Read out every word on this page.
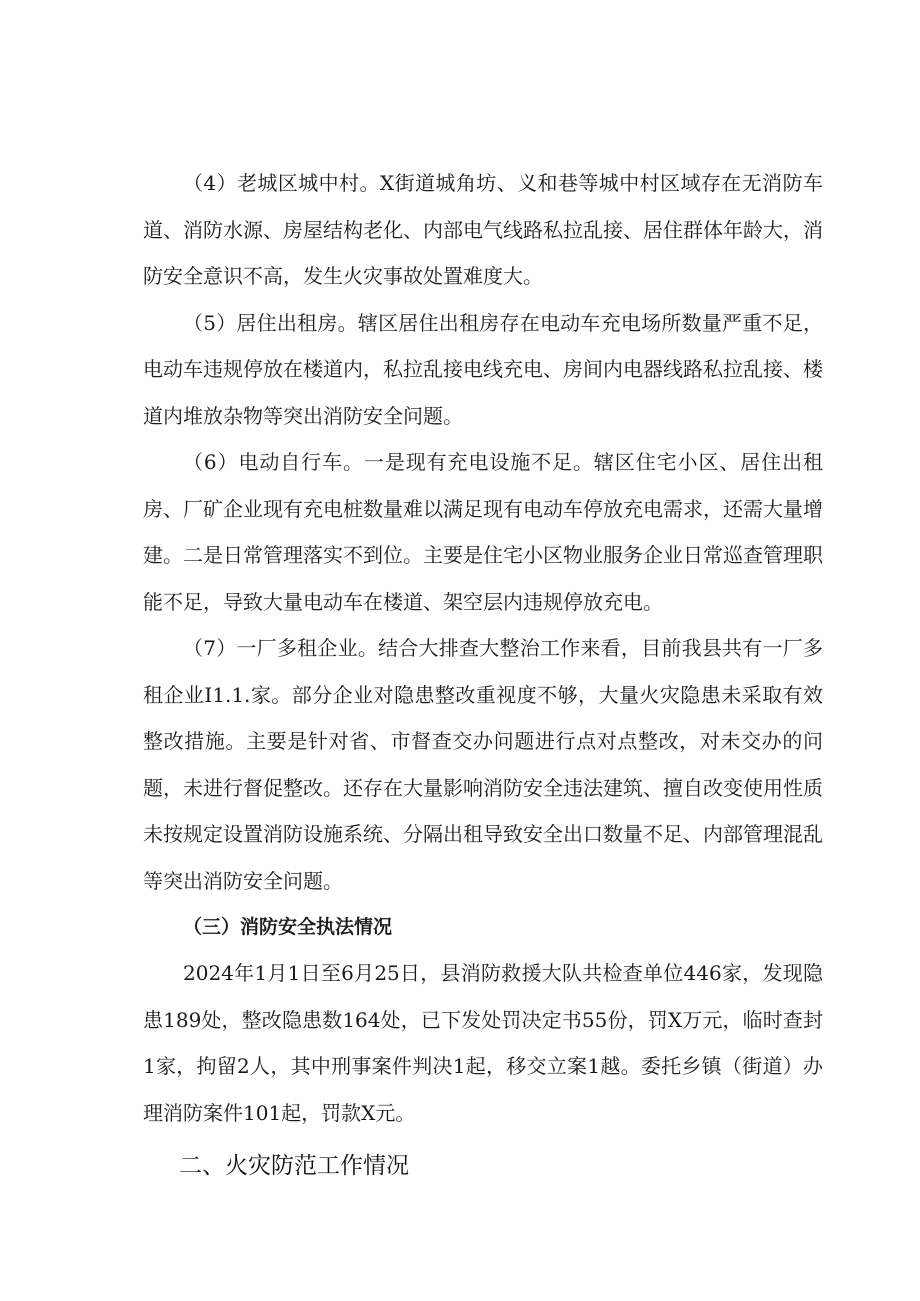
（4）老城区城中村。X街道城角坊、义和巷等城中村区域存在无消防车道、消防水源、房屋结构老化、内部电气线路私拉乱接、居住群体年龄大，消防安全意识不高，发生火灾事故处置难度大。

（5）居住出租房。辖区居住出租房存在电动车充电场所数量严重不足，电动车违规停放在楼道内，私拉乱接电线充电、房间内电器线路私拉乱接、楼道内堆放杂物等突出消防安全问题。

（6）电动自行车。一是现有充电设施不足。辖区住宅小区、居住出租房、厂矿企业现有充电桩数量难以满足现有电动车停放充电需求，还需大量增建。二是日常管理落实不到位。主要是住宅小区物业服务企业日常巡查管理职能不足，导致大量电动车在楼道、架空层内违规停放充电。

（7）一厂多租企业。结合大排查大整治工作来看，目前我县共有一厂多租企业I1.1.家。部分企业对隐患整改重视度不够，大量火灾隐患未采取有效整改措施。主要是针对省、市督查交办问题进行点对点整改，对未交办的问题，未进行督促整改。还存在大量影响消防安全违法建筑、擅自改变使用性质未按规定设置消防设施系统、分隔出租导致安全出口数量不足、内部管理混乱等突出消防安全问题。

（三）消防安全执法情况

2024年1月1日至6月25日，县消防救援大队共检查单位446家，发现隐患189处，整改隐患数164处，已下发处罚决定书55份，罚X万元，临时查封1家，拘留2人，其中刑事案件判决1起，移交立案1越。委托乡镇（街道）办理消防案件101起，罚款X元。

二、火灾防范工作情况
